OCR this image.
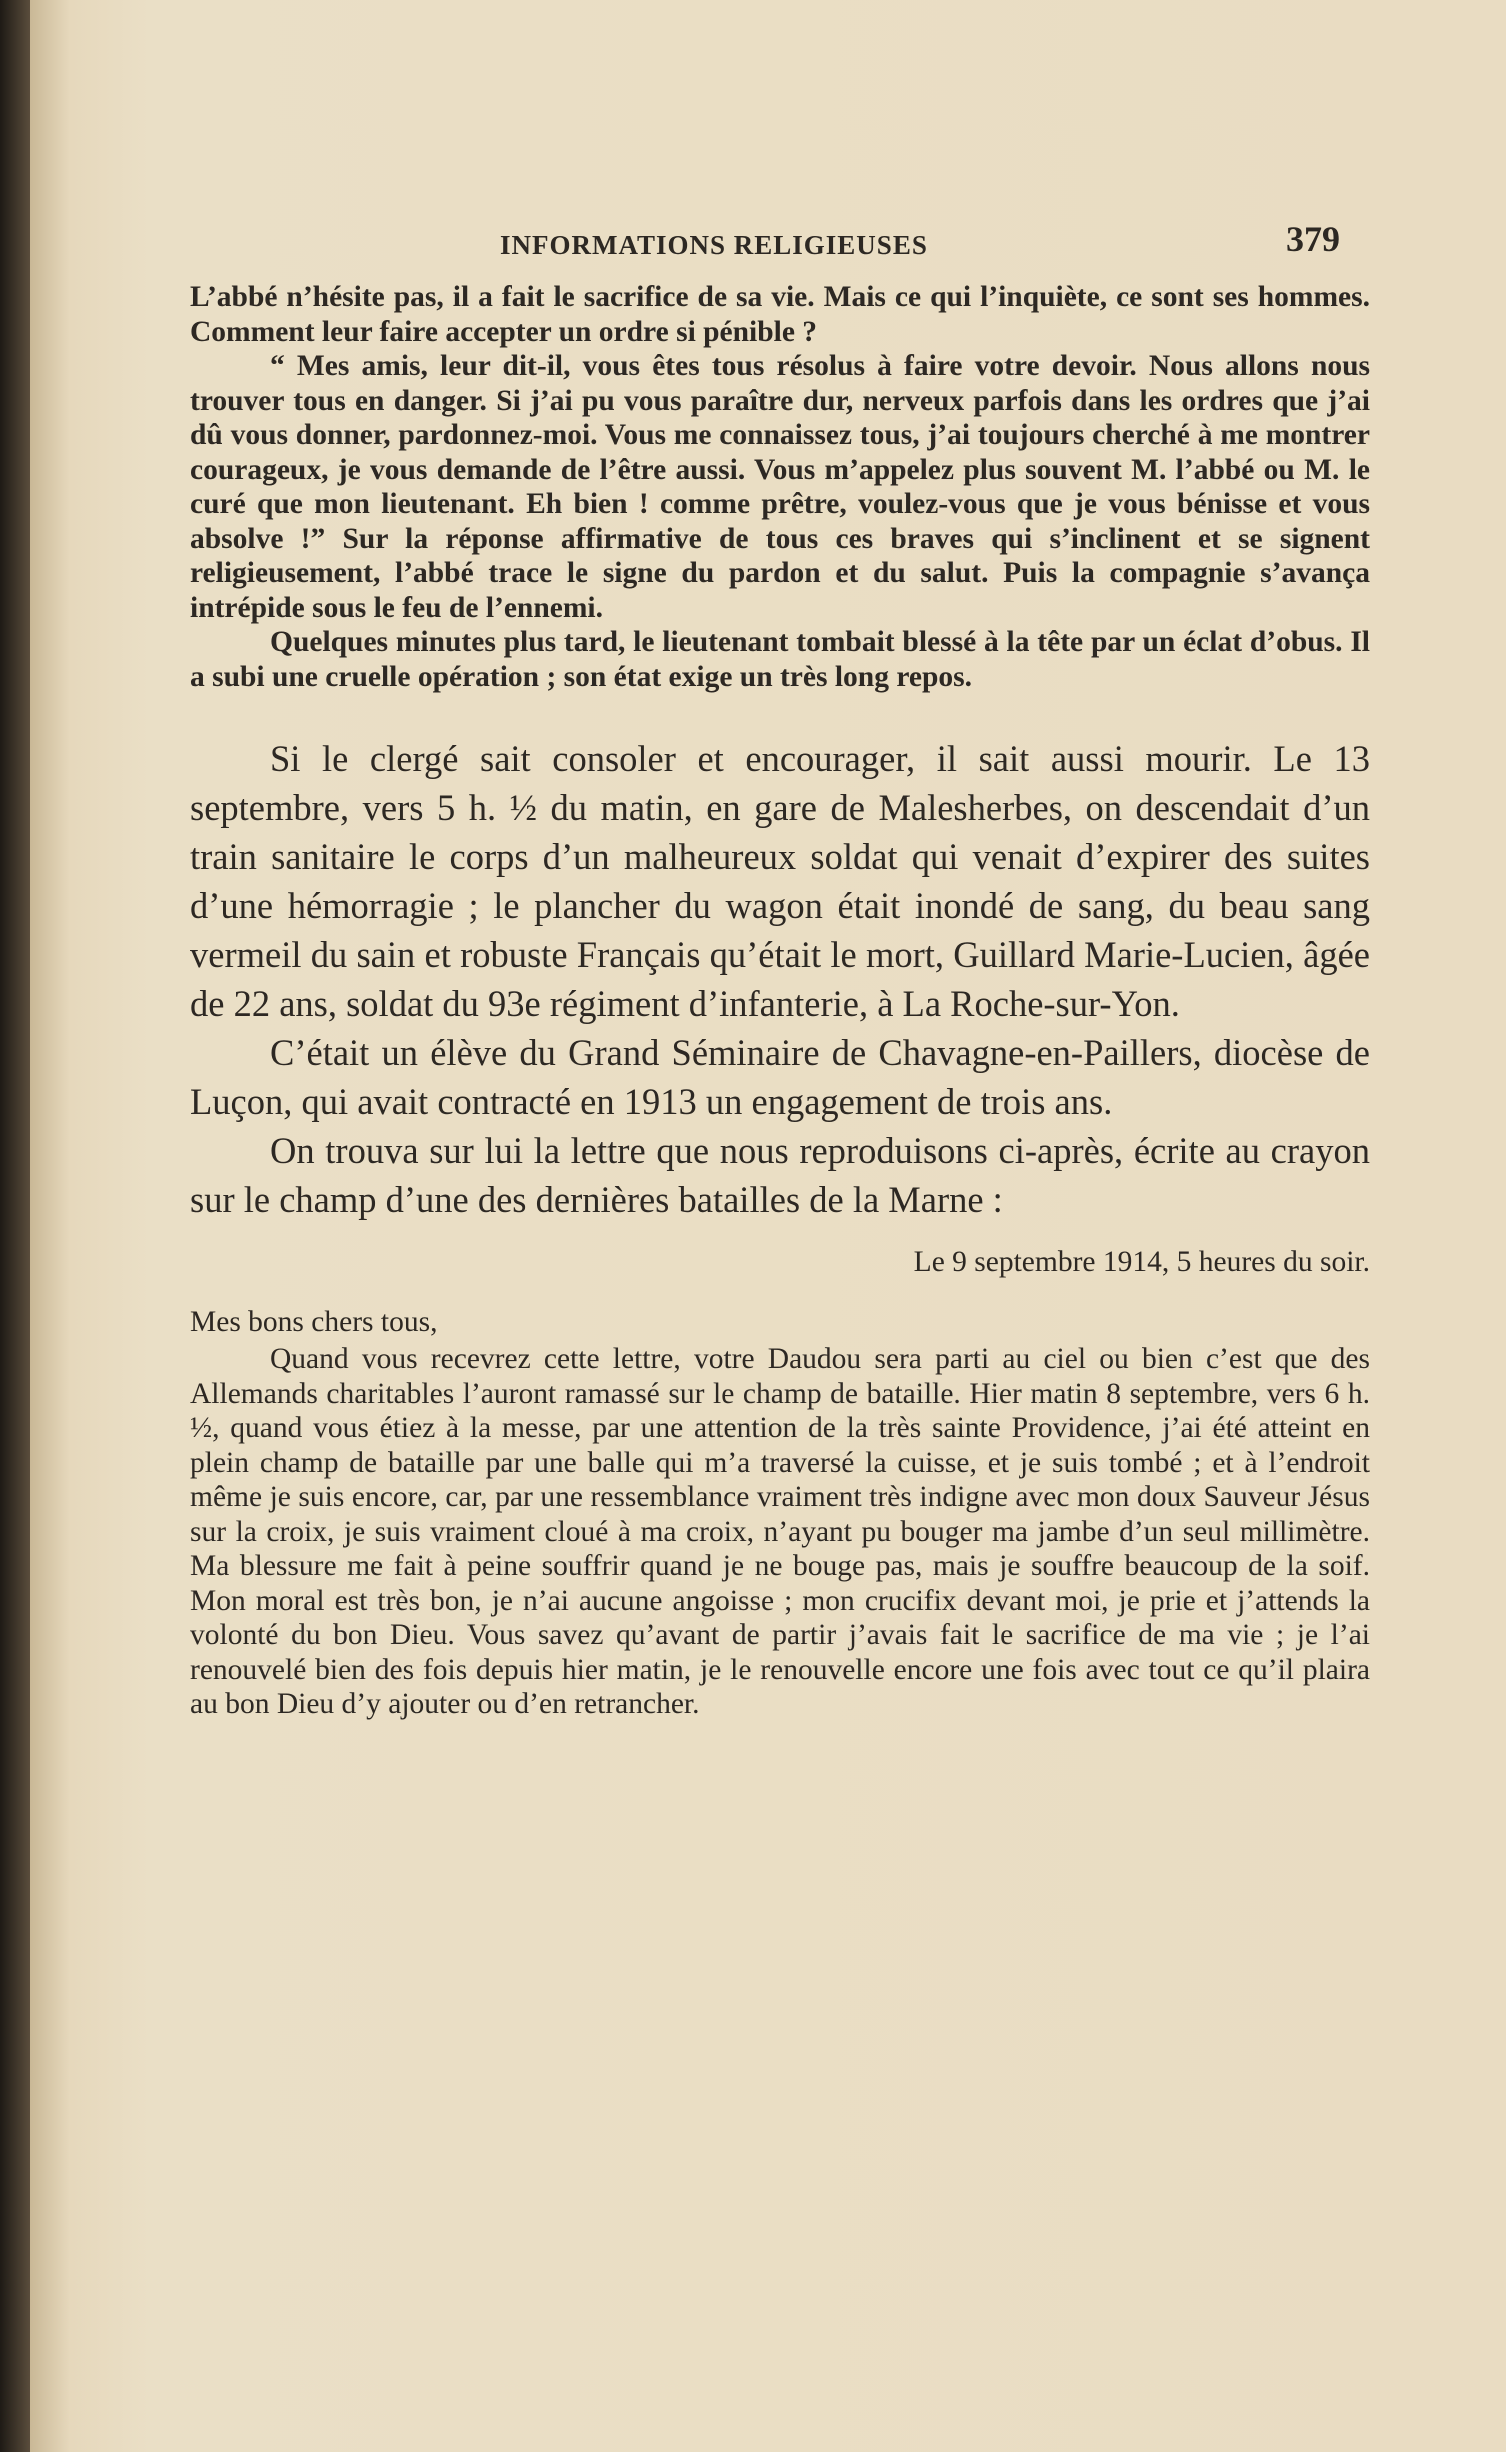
INFORMATIONS RELIGIEUSES	379

L’abbé n’hésite pas, il a fait le sacrifice de sa vie. Mais ce qui l’inquiète, ce sont ses hommes. Comment leur faire accepter un ordre si pénible ?

“ Mes amis, leur dit-il, vous êtes tous résolus à faire votre devoir. Nous allons nous trouver tous en danger. Si j’ai pu vous paraître dur, nerveux parfois dans les ordres que j’ai dû vous donner, pardonnez-moi. Vous me connaissez tous, j’ai toujours cherché à me montrer courageux, je vous demande de l’être aussi. Vous m’appelez plus souvent M. l’abbé ou M. le curé que mon lieutenant. Eh bien ! comme prêtre, voulez-vous que je vous bénisse et vous absolve !” Sur la réponse affirmative de tous ces braves qui s’inclinent et se signent religieusement, l’abbé trace le signe du pardon et du salut. Puis la compagnie s’avança intrépide sous le feu de l’ennemi.

Quelques minutes plus tard, le lieutenant tombait blessé à la tête par un éclat d’obus. Il a subi une cruelle opération ; son état exige un très long repos.

Si le clergé sait consoler et encourager, il sait aussi mourir. Le 13 septembre, vers 5 h. ½ du matin, en gare de Malesherbes, on descendait d’un train sanitaire le corps d’un malheureux soldat qui venait d’expirer des suites d’une hémorragie ; le plancher du wagon était inondé de sang, du beau sang vermeil du sain et robuste Français qu’était le mort, Guillard Marie-Lucien, âgée de 22 ans, soldat du 93e régiment d’infanterie, à La Roche-sur-Yon.

C’était un élève du Grand Séminaire de Chavagne-en-Paillers, diocèse de Luçon, qui avait contracté en 1913 un engagement de trois ans.

On trouva sur lui la lettre que nous reproduisons ci-après, écrite au crayon sur le champ d’une des dernières batailles de la Marne :

Le 9 septembre 1914, 5 heures du soir.

Mes bons chers tous,

Quand vous recevrez cette lettre, votre Daudou sera parti au ciel ou bien c’est que des Allemands charitables l’auront ramassé sur le champ de bataille. Hier matin 8 septembre, vers 6 h. ½, quand vous étiez à la messe, par une attention de la très sainte Providence, j’ai été atteint en plein champ de bataille par une balle qui m’a traversé la cuisse, et je suis tombé ; et à l’endroit même je suis encore, car, par une ressemblance vraiment très indigne avec mon doux Sauveur Jésus sur la croix, je suis vraiment cloué à ma croix, n’ayant pu bouger ma jambe d’un seul millimètre. Ma blessure me fait à peine souffrir quand je ne bouge pas, mais je souffre beaucoup de la soif. Mon moral est très bon, je n’ai aucune angoisse ; mon crucifix devant moi, je prie et j’attends la volonté du bon Dieu. Vous savez qu’avant de partir j’avais fait le sacrifice de ma vie ; je l’ai renouvelé bien des fois depuis hier matin, je le renouvelle encore une fois avec tout ce qu’il plaira au bon Dieu d’y ajouter ou d’en retrancher.
